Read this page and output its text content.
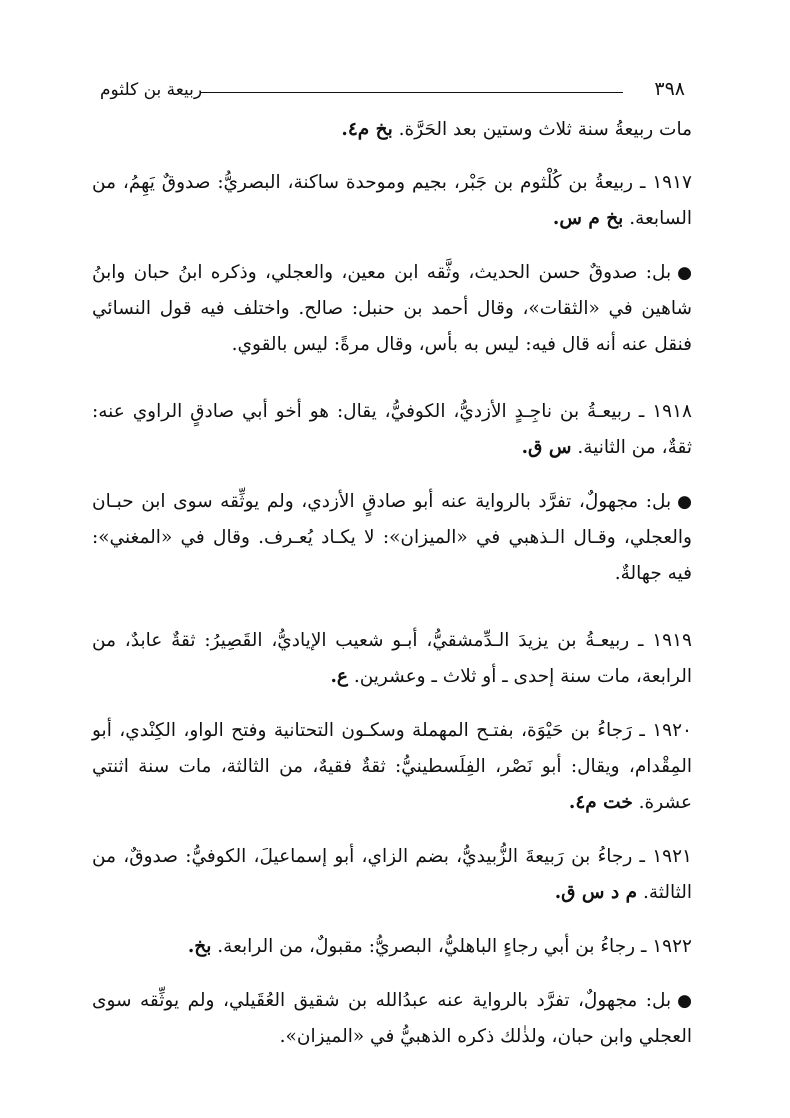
٣٩٨
ربيعة بن كلثوم

مات ربيعةُ سنة ثلاث وستين بعد الحَرَّة. بخ م٤.

١٩١٧ ـ ربيعةُ بن كُلْثوم بن جَبْر، بجيم وموحدة ساكنة، البصريُّ: صدوقٌ يَهِمُ، من السابعة. بخ م س.

●بل: صدوقٌ حسن الحديث، وثَّقه ابن معين، والعجلي، وذكره ابنُ حبان وابنُ شاهين في «الثقات»، وقال أحمد بن حنبل: صالح. واختلف فيه قول النسائي فنقل عنه أنه قال فيه: ليس به بأس، وقال مرةً: ليس بالقوي.

١٩١٨ ـ ربيعـةُ بن ناجِـدٍ الأزديُّ، الكوفيُّ، يقال: هو أخو أبي صادقٍ الراوي عنه: ثقةٌ، من الثانية. س ق.

●بل: مجهولٌ، تفرَّد بالرواية عنه أبو صادقٍ الأزدي، ولم يوثِّقه سوى ابن حبـان والعجلي، وقـال الـذهبي في «الميزان»: لا يكـاد يُعـرف. وقال في «المغني»: فيه جهالةٌ.

١٩١٩ ـ ربيعـةُ بن يزيدَ الـدِّمشقيُّ، أبـو شعيب الإياديُّ، القَصِيرُ: ثقةٌ عابدٌ، من الرابعة، مات سنة إحدى ـ أو ثلاث ـ وعشرين. ع.

١٩٢٠ ـ رَجاءُ بن حَيْوَة، بفتـح المهملة وسكـون التحتانية وفتح الواو، الكِنْدي، أبو المِقْدام، ويقال: أبو نَصْر، الفِلَسطينيُّ: ثقةٌ فقيهٌ، من الثالثة، مات سنة اثنتي عشرة. خت م٤.

١٩٢١ ـ رجاءُ بن رَبيعةَ الزُّبيديُّ، بضم الزاي، أبو إسماعيلَ، الكوفيُّ: صدوقٌ، من الثالثة. م د س ق.

١٩٢٢ ـ رجاءُ بن أبي رجاءٍ الباهليُّ، البصريُّ: مقبولٌ، من الرابعة. بخ.

●بل: مجهولٌ، تفرَّد بالرواية عنه عبدُالله بن شقيق العُقَيلي، ولم يوثِّقه سوى العجلي وابن حبان، ولذٰلك ذكره الذهبيُّ في «الميزان».
